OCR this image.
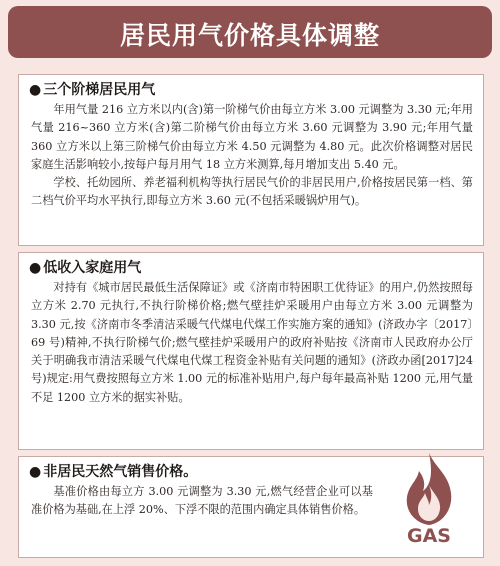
居民用气价格具体调整
● 三个阶梯居民用气

年用气量 216 立方米以内(含)第一阶梯气价由每立方米 3.00 元调整为 3.30 元;年用气量 216~360 立方米(含)第二阶梯气价由每立方米 3.60 元调整为 3.90 元;年用气量 360 立方米以上第三阶梯气价由每立方米 4.50 元调整为 4.80 元。此次价格调整对居民家庭生活影响较小,按每户每月用气 18 立方米测算,每月增加支出 5.40 元。

学校、托幼园所、养老福利机构等执行居民气价的非居民用户,价格按居民第一档、第二档气价平均水平执行,即每立方米 3.60 元(不包括采暖锅炉用气)。

● 低收入家庭用气

对持有《城市居民最低生活保障证》或《济南市特困职工优待证》的用户,仍然按照每立方米 2.70 元执行,不执行阶梯价格;燃气壁挂炉采暖用户由每立方米 3.00 元调整为 3.30 元,按《济南市冬季清洁采暖气代煤电代煤工作实施方案的通知》(济政办字〔2017〕69 号)精神,不执行阶梯气价;燃气壁挂炉采暖用户的政府补贴按《济南市人民政府办公厅关于明确我市清洁采暖气代煤电代煤工程资金补贴有关问题的通知》(济政办函[2017]24 号)规定:用气费按照每立方米 1.00 元的标准补贴用户,每户每年最高补贴 1200 元,用气量不足 1200 立方米的据实补贴。

● 非居民天然气销售价格。

基准价格由每立方 3.00 元调整为 3.30 元,燃气经营企业可以基准价格为基础,在上浮 20%、下浮不限的范围内确定具体销售价格。

GAS
